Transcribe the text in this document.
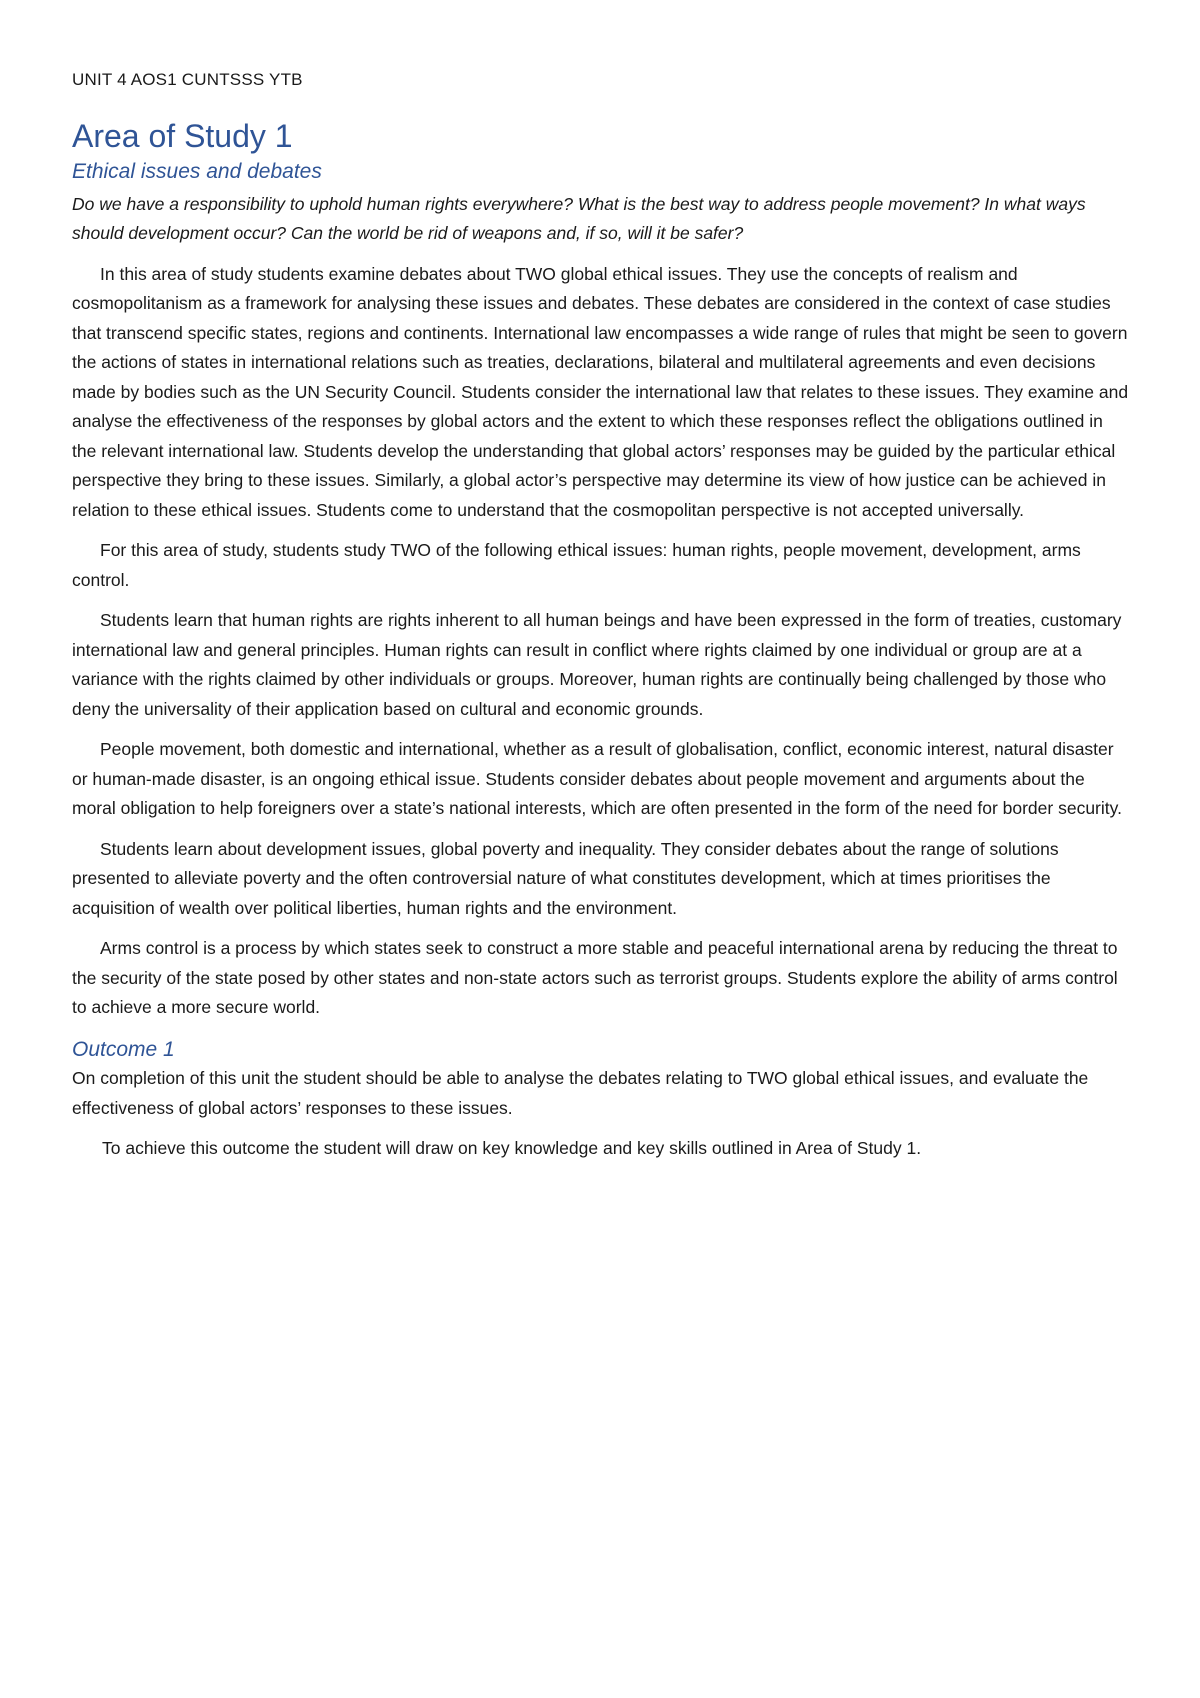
UNIT 4 AOS1 CUNTSSS YTB
Area of Study 1
Ethical issues and debates

Do we have a responsibility to uphold human rights everywhere? What is the best way to address people movement? In what ways should development occur? Can the world be rid of weapons and, if so, will it be safer?

In this area of study students examine debates about TWO global ethical issues. They use the concepts of realism and cosmopolitanism as a framework for analysing these issues and debates. These debates are considered in the context of case studies that transcend specific states, regions and continents. International law encompasses a wide range of rules that might be seen to govern the actions of states in international relations such as treaties, declarations, bilateral and multilateral agreements and even decisions made by bodies such as the UN Security Council. Students consider the international law that relates to these issues. They examine and analyse the effectiveness of the responses by global actors and the extent to which these responses reflect the obligations outlined in the relevant international law. Students develop the understanding that global actors’ responses may be guided by the particular ethical perspective they bring to these issues. Similarly, a global actor’s perspective may determine its view of how justice can be achieved in relation to these ethical issues. Students come to understand that the cosmopolitan perspective is not accepted universally.

For this area of study, students study TWO of the following ethical issues: human rights, people movement, development, arms control.

Students learn that human rights are rights inherent to all human beings and have been expressed in the form of treaties, customary international law and general principles. Human rights can result in conflict where rights claimed by one individual or group are at a variance with the rights claimed by other individuals or groups. Moreover, human rights are continually being challenged by those who deny the universality of their application based on cultural and economic grounds.

People movement, both domestic and international, whether as a result of globalisation, conflict, economic interest, natural disaster or human-made disaster, is an ongoing ethical issue. Students consider debates about people movement and arguments about the moral obligation to help foreigners over a state’s national interests, which are often presented in the form of the need for border security.

Students learn about development issues, global poverty and inequality. They consider debates about the range of solutions presented to alleviate poverty and the often controversial nature of what constitutes development, which at times prioritises the acquisition of wealth over political liberties, human rights and the environment.

Arms control is a process by which states seek to construct a more stable and peaceful international arena by reducing the threat to the security of the state posed by other states and non-state actors such as terrorist groups. Students explore the ability of arms control to achieve a more secure world.

Outcome 1

On completion of this unit the student should be able to analyse the debates relating to TWO global ethical issues, and evaluate the effectiveness of global actors’ responses to these issues.

To achieve this outcome the student will draw on key knowledge and key skills outlined in Area of Study 1.
